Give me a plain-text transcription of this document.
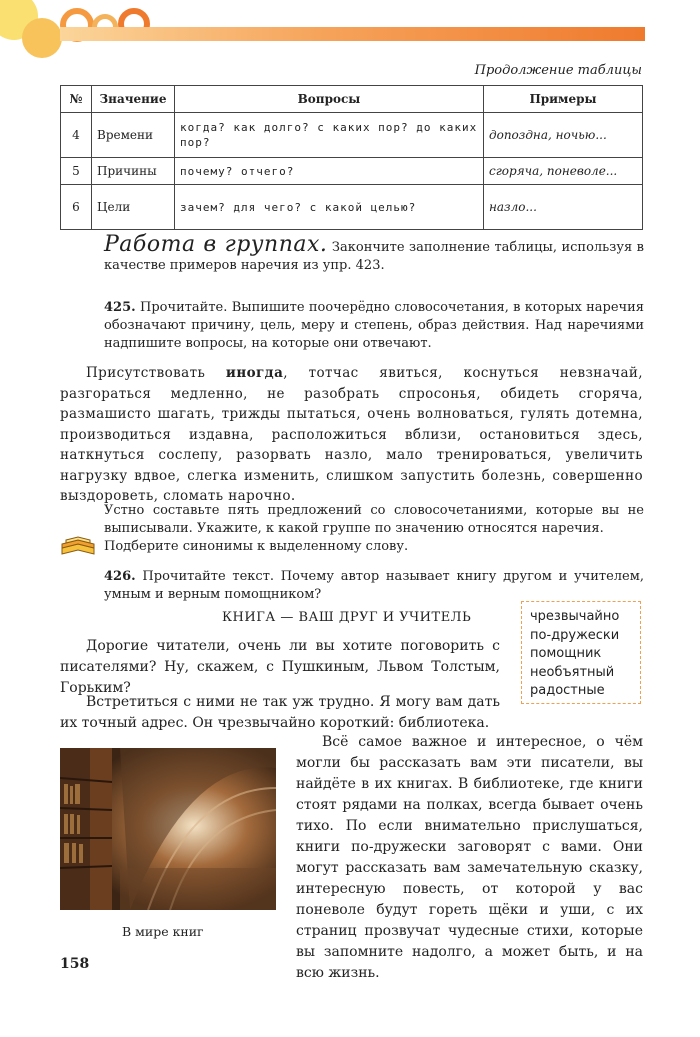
Продолжение таблицы
№	Значение	Вопросы	Примеры
4	Времени	когда? как долго? с каких пор? до каких пор?	допоздна, ночью...
5	Причины	почему? отчего?	сгоряча, поневоле...
6	Цели	зачем? для чего? с какой целью?	назло...
Работа в группах. Закончите заполнение таблицы, используя в качестве примеров наречия из упр. 423.
425. Прочитайте. Выпишите поочерёдно словосочетания, в которых наречия обозначают причину, цель, меру и степень, образ действия. Над наречиями надпишите вопросы, на которые они отвечают.
Присутствовать иногда, тотчас явиться, коснуться невзначай, разгораться медленно, не разобрать спросонья, обидеть сгоряча, размашисто шагать, трижды пытаться, очень волноваться, гулять дотемна, производиться издавна, расположиться вблизи, остановиться здесь, наткнуться сослепу, разорвать назло, мало тренироваться, увеличить нагрузку вдвое, слегка изменить, слишком запустить болезнь, совершенно выздороветь, сломать нарочно.
Устно составьте пять предложений со словосочетаниями, которые вы не выписывали. Укажите, к какой группе по значению относятся наречия.
Подберите синонимы к выделенному слову.
426. Прочитайте текст. Почему автор называет книгу другом и учителем, умным и верным помощником?
КНИГА — ВАШ ДРУГ И УЧИТЕЛЬ
Дорогие читатели, очень ли вы хотите поговорить с писателями? Ну, скажем, с Пушкиным, Львом Толстым, Горьким?
Встретиться с ними не так уж трудно. Я могу вам дать их точный адрес. Он чрезвычайно короткий: библиотека.
Всё самое важное и интересное, о чём могли бы рассказать вам эти писатели, вы найдёте в их книгах. В библиотеке, где книги стоят рядами на полках, всегда бывает очень тихо. По если внимательно прислушаться, книги по-дружески заговорят с вами. Они могут рассказать вам замечательную сказку, интересную повесть, от которой у вас поневоле будут гореть щёки и уши, с их страниц прозвучат чудесные стихи, которые вы запомните надолго, а может быть, и на всю жизнь.
чрезвычайно
по-дружески
помощник
необъятный
радостные
В мире книг
158
